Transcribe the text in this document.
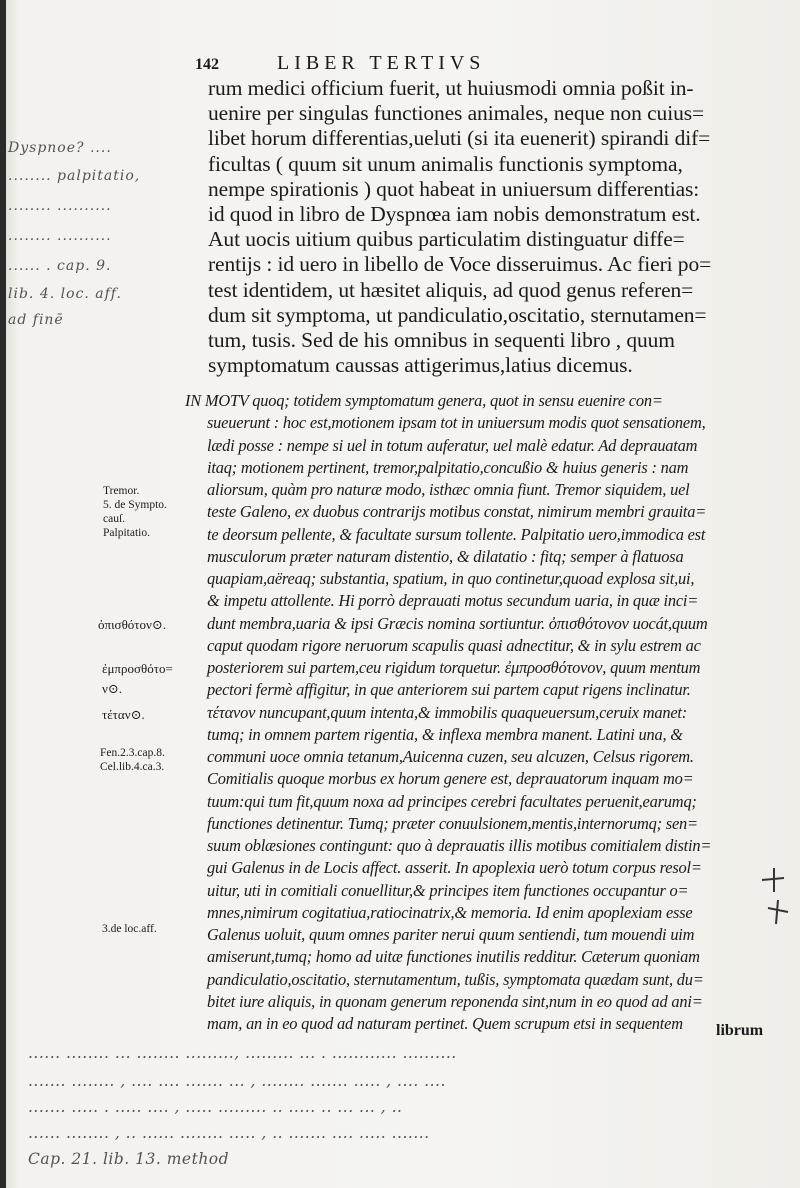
142	LIBER TERTIVS
rum medici officium fuerit, ut huiusmodi omnia poßit in-
uenire per singulas functiones animales, neque non cuius=
libet horum differentias,ueluti (si ita euenerit) spirandi dif=
ficultas ( quum sit unum animalis functionis symptoma,
nempe spirationis ) quot habeat in uniuersum differentias:
id quod in libro de Dyspnœa iam nobis demonstratum est.
Aut uocis uitium quibus particulatim distinguatur diffe=
rentijs : id uero in libello de Voce disseruimus. Ac fieri po=
test identidem, ut hæsitet aliquis, ad quod genus referen=
dum sit symptoma, ut pandiculatio,oscitatio, sternutamen=
tum, tusis. Sed de his omnibus in sequenti libro , quum
symptomatum caussas attigerimus,latius dicemus.
IN MOTV quoq; totidem symptomatum genera, quot in sensu euenire con=
sueuerunt : hoc est,motionem ipsam tot in uniuersum modis quot sensationem,
lædi posse : nempe si uel in totum auferatur, uel malè edatur. Ad deprauatam
itaq; motionem pertinent, tremor,palpitatio,concußio & huius generis : nam
aliorsum, quàm pro naturæ modo, isthæc omnia fiunt. Tremor siquidem, uel
teste Galeno, ex duobus contrarijs motibus constat, nimirum membri grauita=
te deorsum pellente, & facultate sursum tollente. Palpitatio uero,immodica est
musculorum præter naturam distentio, & dilatatio : fitq; semper à flatuosa
quapiam,aëreaq; substantia, spatium, in quo continetur,quoad explosa sit,ui,
& impetu attollente. Hi porrò deprauati motus secundum uaria, in quæ inci=
dunt membra,uaria & ipsi Græcis nomina sortiuntur. ὀπισθότονον uocát,quum
caput quodam rigore neruorum scapulis quasi adnectitur, & in sylu estrem ac
posteriorem sui partem,ceu rigidum torquetur. ἐμπροσθότονον, quum mentum
pectori fermè affigitur, in que anteriorem sui partem caput rigens inclinatur.
τέτανον nuncupant,quum intenta,& immobilis quaqueuersum,ceruix manet:
tumq; in omnem partem rigentia, & inflexa membra manent. Latini una, &
communi uoce omnia tetanum,Auicenna cuzen, seu alcuzen, Celsus rigorem.
Comitialis quoque morbus ex horum genere est, deprauatorum inquam mo=
tuum:qui tum fit,quum noxa ad principes cerebri facultates peruenit,earumq;
functiones detinentur. Tumq; præter conuulsionem,mentis,internorumq; sen=
suum oblæsiones contingunt: quo à deprauatis illis motibus comitialem distin=
gui Galenus in de Locis affect. asserit. In apoplexia uerò totum corpus resol=
uitur, uti in comitiali conuellitur,& principes item functiones occupantur o=
mnes,nimirum cogitatiua,ratiocinatrix,& memoria. Id enim apoplexiam esse
Galenus uoluit, quum omnes pariter nerui quum sentiendi, tum mouendi uim
amiserunt,tumq; homo ad uitæ functiones inutilis redditur. Cæterum quoniam
pandiculatio,oscitatio, sternutamentum, tußis, symptomata quædam sunt, du=
bitet iure aliquis, in quonam generum reponenda sint,num in eo quod ad ani=
mam, an in eo quod ad naturam pertinet. Quem scrupum etsi in sequentem	librum
Tremor.
5. de Sympto.
cauſ.
Palpitatio.
ὀπισθότον⊙.
ἐμπροσθότο=
ν⊙.
τέταν⊙.
Fen.2.3.cap.8.
Cel.lib.4.ca.3.
3.de loc.aff.
Dyspnoe? ....
........ palpitatio,
........ ..........
........ ..........
...... . cap. 9.
lib. 4. loc. aff.
ad finē
...... ........ ... ........ ........., ......... ... . ............ ..........
....... ........ , .... .... ....... ... , ........ ....... ..... , .... ....
....... ..... . ..... .... , ..... ......... .. ..... .. ... ... , ..
...... ........ , .. ...... ........ ..... , .. ....... .... ..... .......
Cap. 21. lib. 13. method
